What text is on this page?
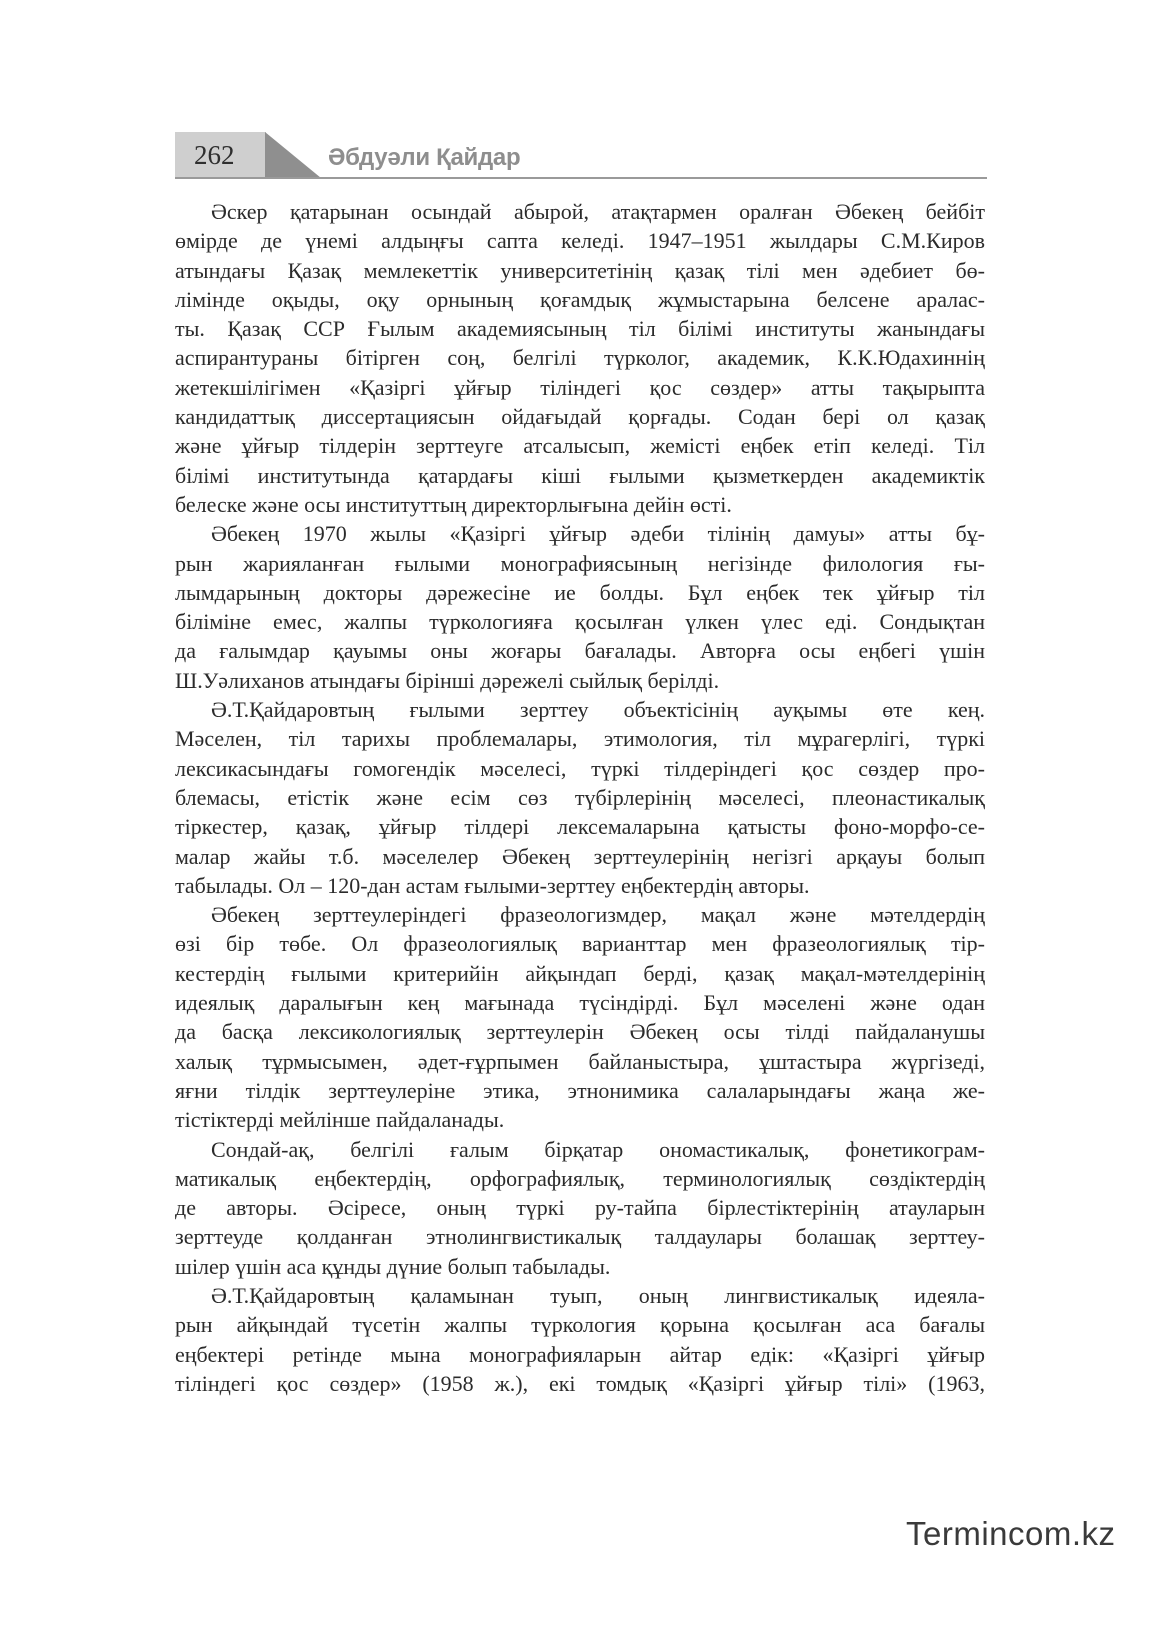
262	Әбдуәли Қайдар
Әскер қатарынан осындай абырой, атақтармен оралған Әбекең бейбіт
өмірде де үнемі алдыңғы сапта келеді. 1947–1951 жылдары С.М.Киров
атындағы Қазақ мемлекеттік университетінің қазақ тілі мен әдебиет бө-
лімінде оқыды, оқу орнының қоғамдық жұмыстарына белсене аралас-
ты. Қазақ ССР Ғылым академиясының тіл білімі институты жанындағы
аспирантураны бітірген соң, белгілі түрколог, академик, К.К.Юдахиннің
жетекшілігімен «Қазіргі ұйғыр тіліндегі қос сөздер» атты тақырыпта
кандидаттық диссертациясын ойдағыдай қорғады. Содан бері ол қазақ
және ұйғыр тілдерін зерттеуге атсалысып, жемісті еңбек етіп келеді. Тіл
білімі институтында қатардағы кіші ғылыми қызметкерден академиктік
белеске және осы институттың директорлығына дейін өсті.
Әбекең 1970 жылы «Қазіргі ұйғыр әдеби тілінің дамуы» атты бұ-
рын жарияланған ғылыми монографиясының негізінде филология ғы-
лымдарының докторы дәрежесіне ие болды. Бұл еңбек тек ұйғыр тіл
біліміне емес, жалпы түркологияға қосылған үлкен үлес еді. Сондықтан
да ғалымдар қауымы оны жоғары бағалады. Авторға осы еңбегі үшін
Ш.Уәлиханов атындағы бірінші дәрежелі сыйлық берілді.
Ә.Т.Қайдаровтың ғылыми зерттеу объектісінің ауқымы өте кең.
Мәселен, тіл тарихы проблемалары, этимология, тіл мұрагерлігі, түркі
лексикасындағы гомогендік мәселесі, түркі тілдеріндегі қос сөздер про-
блемасы, етістік және есім сөз түбірлерінің мәселесі, плеонастикалық
тіркестер, қазақ, ұйғыр тілдері лексемаларына қатысты фоно-морфо-се-
малар жайы т.б. мәселелер Әбекең зерттеулерінің негізгі арқауы болып
табылады. Ол – 120-дан астам ғылыми-зерттеу еңбектердің авторы.
Әбекең зерттеулеріндегі фразеологизмдер, мақал және мәтелдердің
өзі бір төбе. Ол фразеологиялық варианттар мен фразеологиялық тір-
кестердің ғылыми критерийін айқындап берді, қазақ мақал-мәтелдерінің
идеялық даралығын кең мағынада түсіндірді. Бұл мәселені және одан
да басқа лексикологиялық зерттеулерін Әбекең осы тілді пайдаланушы
халық тұрмысымен, әдет-ғұрпымен байланыстыра, ұштастыра жүргізеді,
яғни тілдік зерттеулеріне этика, этнонимика салаларындағы жаңа же-
тістіктерді мейлінше пайдаланады.
Сондай-ақ, белгілі ғалым бірқатар ономастикалық, фонетикограм-
матикалық еңбектердің, орфографиялық, терминологиялық сөздіктердің
де авторы. Әсіресе, оның түркі ру-тайпа бірлестіктерінің атауларын
зерттеуде қолданған этнолингвистикалық талдаулары болашақ зерттеу-
шілер үшін аса құнды дүние болып табылады.
Ә.Т.Қайдаровтың қаламынан туып, оның лингвистикалық идеяла-
рын айқындай түсетін жалпы түркология қорына қосылған аса бағалы
еңбектері ретінде мына монографияларын айтар едік: «Қазіргі ұйғыр
тіліндегі қос сөздер» (1958 ж.), екі томдық «Қазіргі ұйғыр тілі» (1963,
Termincom.kz
